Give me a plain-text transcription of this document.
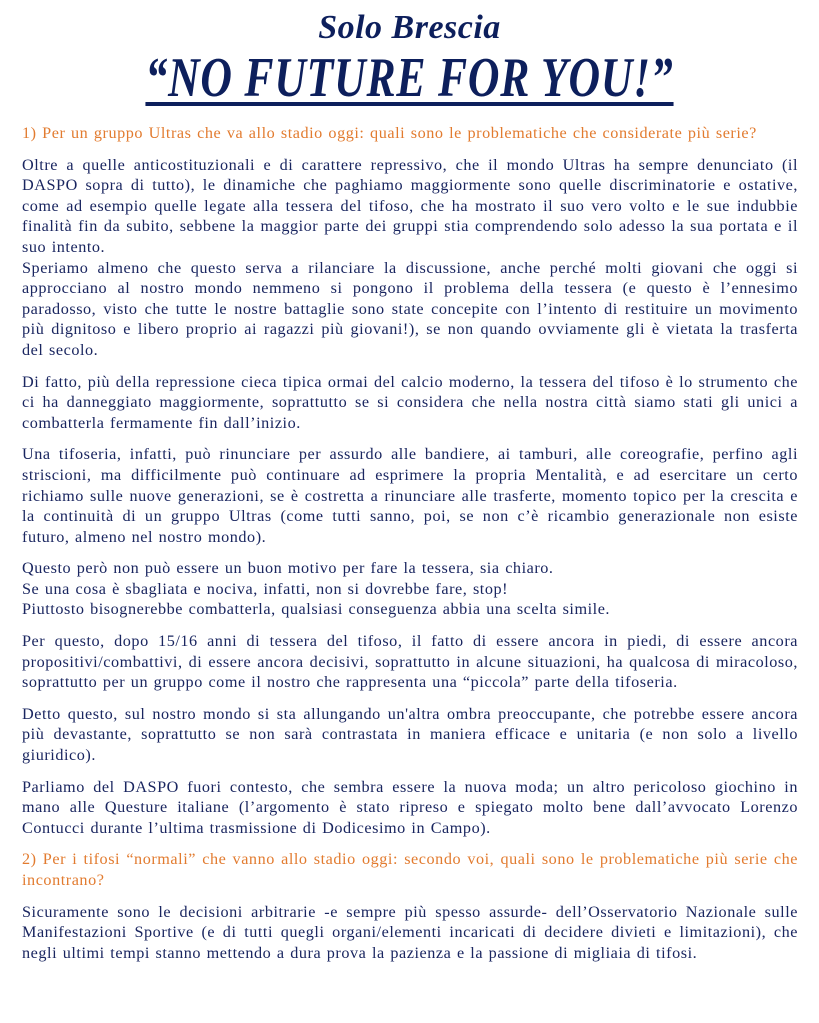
Solo Brescia
“NO FUTURE FOR YOU!”

1) Per un gruppo Ultras che va allo stadio oggi: quali sono le problematiche che considerate più serie?

Oltre a quelle anticostituzionali e di carattere repressivo, che il mondo Ultras ha sempre denunciato (il DASPO sopra di tutto), le dinamiche che paghiamo maggiormente sono quelle discriminatorie e ostative, come ad esempio quelle legate alla tessera del tifoso, che ha mostrato il suo vero volto e le sue indubbie finalità fin da subito, sebbene la maggior parte dei gruppi stia comprendendo solo adesso la sua portata e il suo intento.
Speriamo almeno che questo serva a rilanciare la discussione, anche perché molti giovani che oggi si approcciano al nostro mondo nemmeno si pongono il problema della tessera (e questo è l’ennesimo paradosso, visto che tutte le nostre battaglie sono state concepite con l’intento di restituire un movimento più dignitoso e libero proprio ai ragazzi più giovani!), se non quando ovviamente gli è vietata la trasferta del secolo.

Di fatto, più della repressione cieca tipica ormai del calcio moderno, la tessera del tifoso è lo strumento che ci ha danneggiato maggiormente, soprattutto se si considera che nella nostra città siamo stati gli unici a combatterla fermamente fin dall’inizio.

Una tifoseria, infatti, può rinunciare per assurdo alle bandiere, ai tamburi, alle coreografie, perfino agli striscioni, ma difficilmente può continuare ad esprimere la propria Mentalità, e ad esercitare un certo richiamo sulle nuove generazioni, se è costretta a rinunciare alle trasferte, momento topico per la crescita e la continuità di un gruppo Ultras (come tutti sanno, poi, se non c’è ricambio generazionale non esiste futuro, almeno nel nostro mondo).

Questo però non può essere un buon motivo per fare la tessera, sia chiaro.
Se una cosa è sbagliata e nociva, infatti, non si dovrebbe fare, stop!
Piuttosto bisognerebbe combatterla, qualsiasi conseguenza abbia una scelta simile.

Per questo, dopo 15/16 anni di tessera del tifoso, il fatto di essere ancora in piedi, di essere ancora propositivi/combattivi, di essere ancora decisivi, soprattutto in alcune situazioni, ha qualcosa di miracoloso, soprattutto per un gruppo come il nostro che rappresenta una “piccola” parte della tifoseria.

Detto questo, sul nostro mondo si sta allungando un'altra ombra preoccupante, che potrebbe essere ancora più devastante, soprattutto se non sarà contrastata in maniera efficace e unitaria (e non solo a livello giuridico).

Parliamo del DASPO fuori contesto, che sembra essere la nuova moda; un altro pericoloso giochino in mano alle Questure italiane (l’argomento è stato ripreso e spiegato molto bene dall’avvocato Lorenzo Contucci durante l’ultima trasmissione di Dodicesimo in Campo).

2) Per i tifosi “normali” che vanno allo stadio oggi: secondo voi, quali sono le problematiche più serie che incontrano?

Sicuramente sono le decisioni arbitrarie -e sempre più spesso assurde- dell’Osservatorio Nazionale sulle Manifestazioni Sportive (e di tutti quegli organi/elementi incaricati di decidere divieti e limitazioni), che negli ultimi tempi stanno mettendo a dura prova la pazienza e la passione di migliaia di tifosi.
